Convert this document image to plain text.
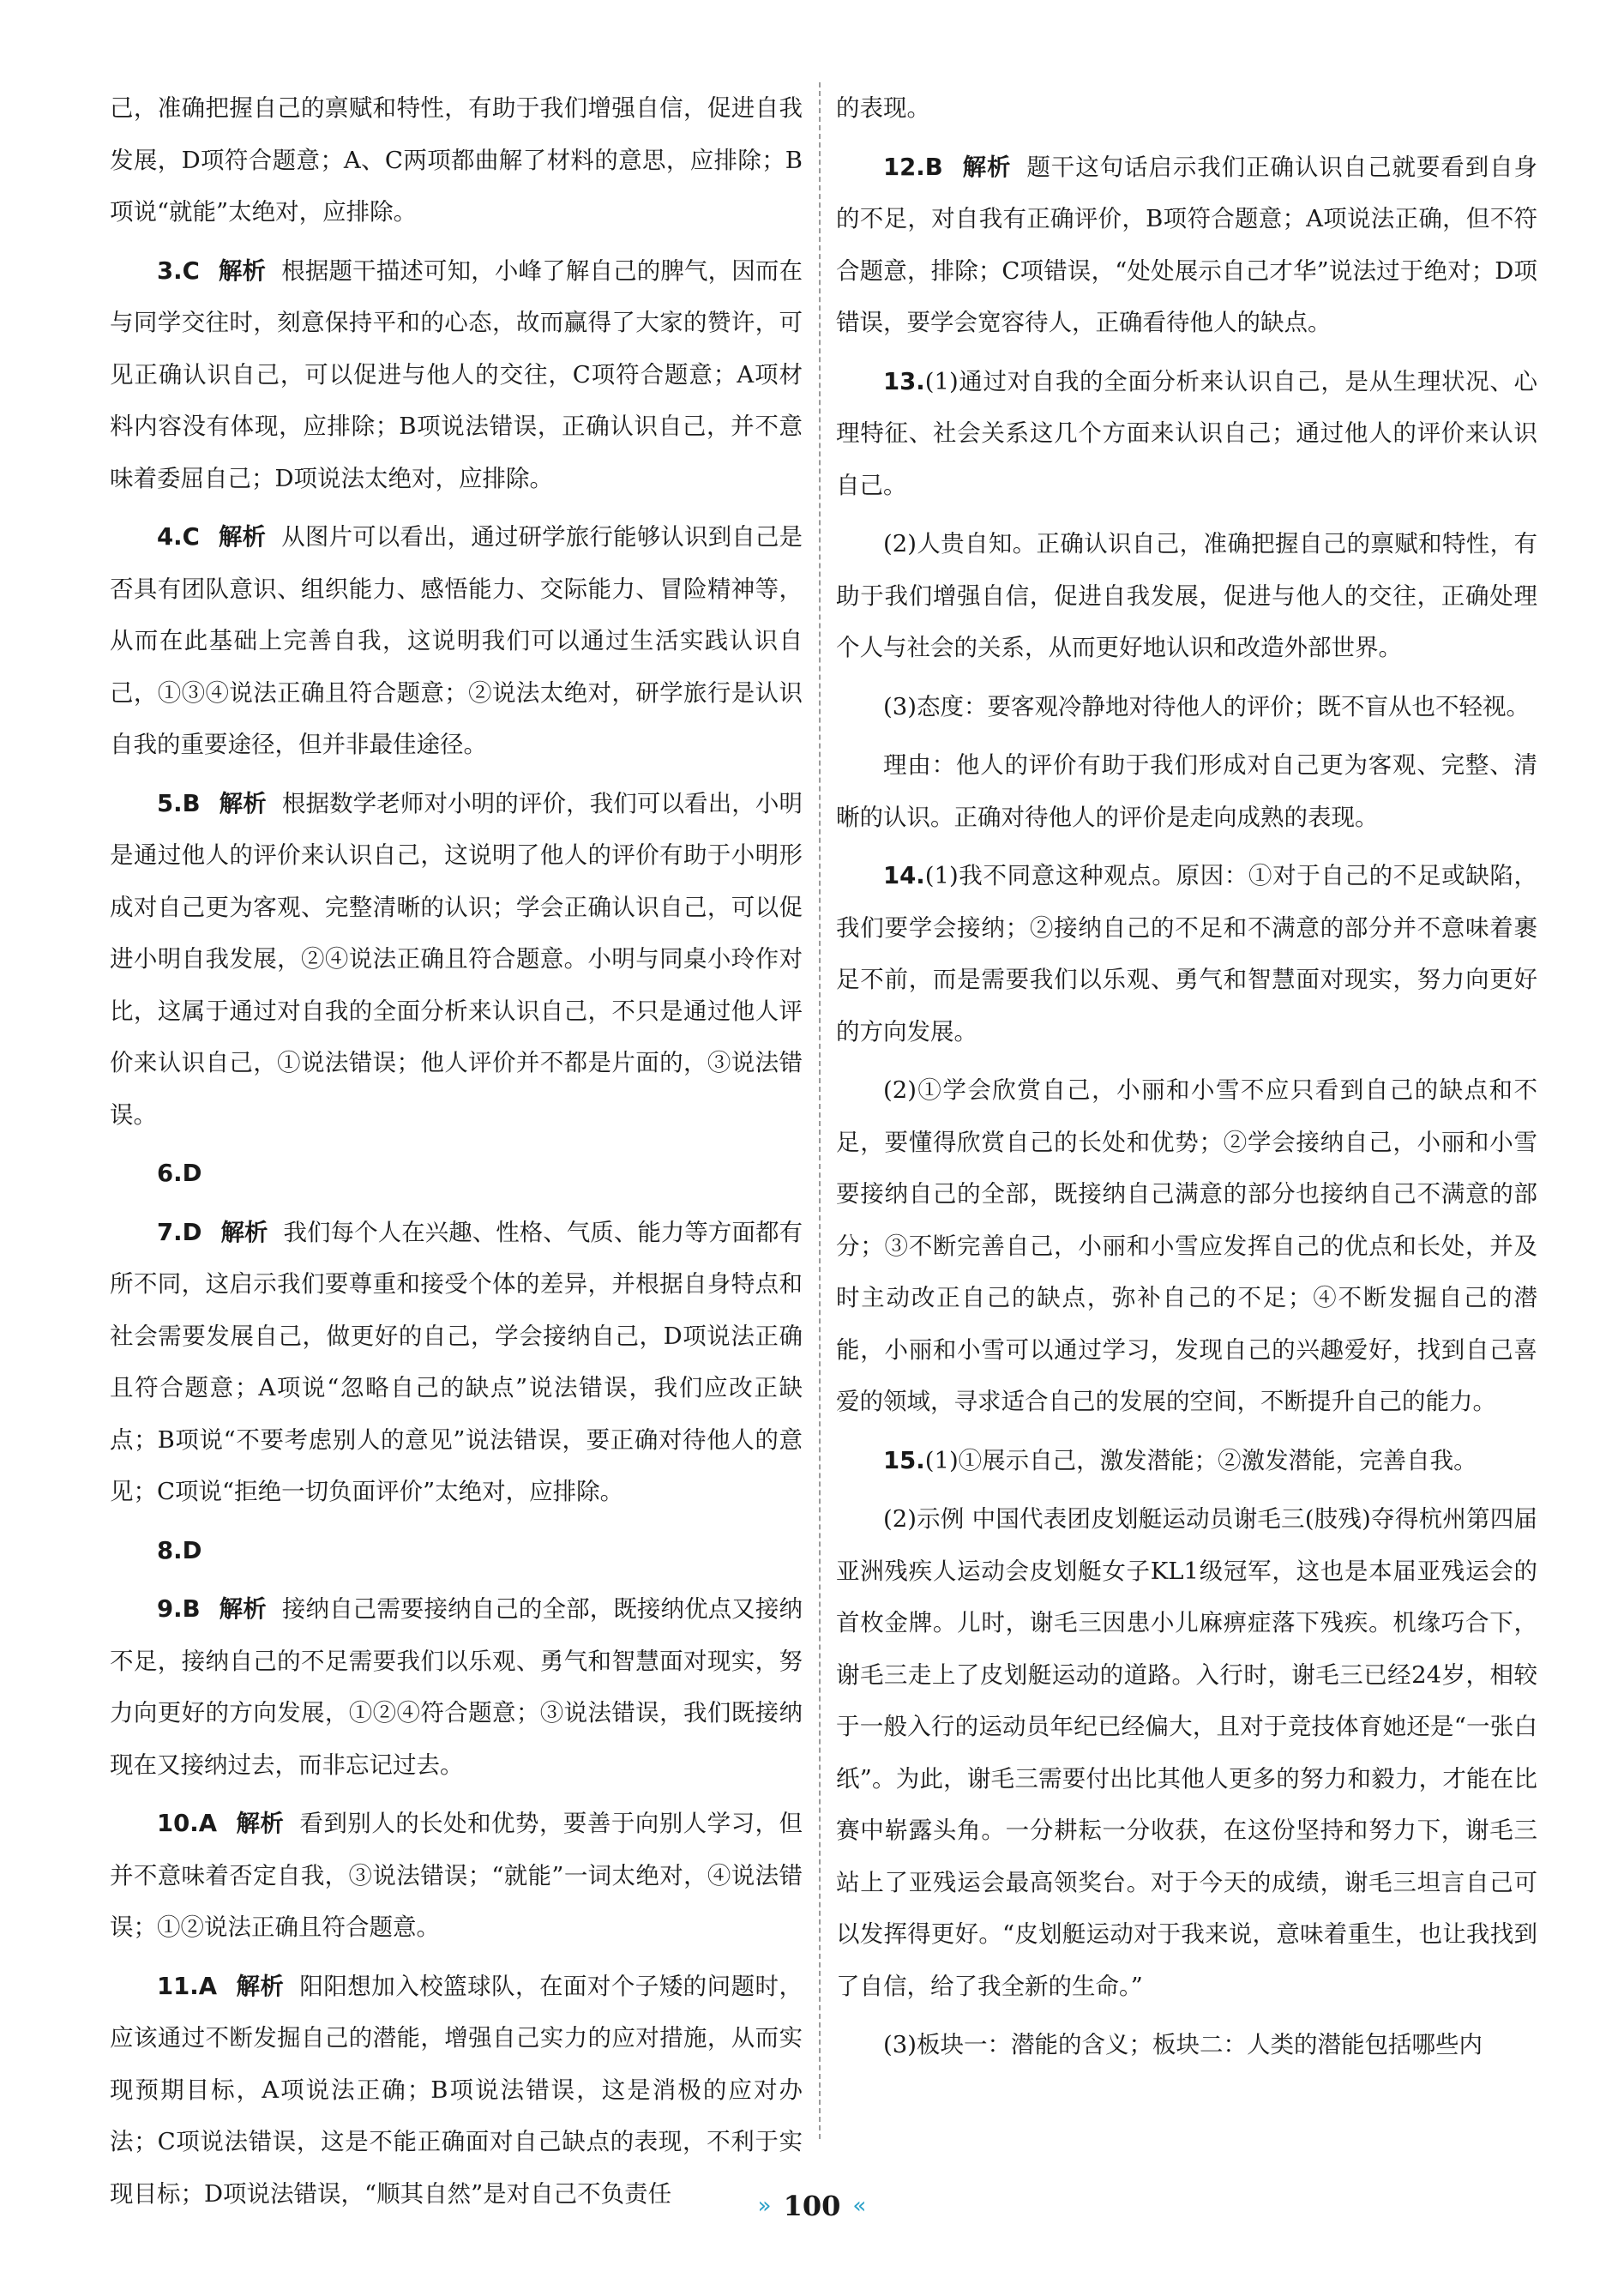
己，准确把握自己的禀赋和特性，有助于我们增强自信，促进自我发展，D项符合题意；A、C两项都曲解了材料的意思，应排除；B项说“就能”太绝对，应排除。

3.C 解析 根据题干描述可知，小峰了解自己的脾气，因而在与同学交往时，刻意保持平和的心态，故而赢得了大家的赞许，可见正确认识自己，可以促进与他人的交往，C项符合题意；A项材料内容没有体现，应排除；B项说法错误，正确认识自己，并不意味着委屈自己；D项说法太绝对，应排除。

4.C 解析 从图片可以看出，通过研学旅行能够认识到自己是否具有团队意识、组织能力、感悟能力、交际能力、冒险精神等，从而在此基础上完善自我，这说明我们可以通过生活实践认识自己，①③④说法正确且符合题意；②说法太绝对，研学旅行是认识自我的重要途径，但并非最佳途径。

5.B 解析 根据数学老师对小明的评价，我们可以看出，小明是通过他人的评价来认识自己，这说明了他人的评价有助于小明形成对自己更为客观、完整清晰的认识；学会正确认识自己，可以促进小明自我发展，②④说法正确且符合题意。小明与同桌小玲作对比，这属于通过对自我的全面分析来认识自己，不只是通过他人评价来认识自己，①说法错误；他人评价并不都是片面的，③说法错误。

6.D

7.D 解析 我们每个人在兴趣、性格、气质、能力等方面都有所不同，这启示我们要尊重和接受个体的差异，并根据自身特点和社会需要发展自己，做更好的自己，学会接纳自己，D项说法正确且符合题意；A项说“忽略自己的缺点”说法错误，我们应改正缺点；B项说“不要考虑别人的意见”说法错误，要正确对待他人的意见；C项说“拒绝一切负面评价”太绝对，应排除。

8.D

9.B 解析 接纳自己需要接纳自己的全部，既接纳优点又接纳不足，接纳自己的不足需要我们以乐观、勇气和智慧面对现实，努力向更好的方向发展，①②④符合题意；③说法错误，我们既接纳现在又接纳过去，而非忘记过去。

10.A 解析 看到别人的长处和优势，要善于向别人学习，但并不意味着否定自我，③说法错误；“就能”一词太绝对，④说法错误；①②说法正确且符合题意。

11.A 解析 阳阳想加入校篮球队，在面对个子矮的问题时，应该通过不断发掘自己的潜能，增强自己实力的应对措施，从而实现预期目标，A项说法正确；B项说法错误，这是消极的应对办法；C项说法错误，这是不能正确面对自己缺点的表现，不利于实现目标；D项说法错误，“顺其自然”是对自己不负责任

的表现。

12.B 解析 题干这句话启示我们正确认识自己就要看到自身的不足，对自我有正确评价，B项符合题意；A项说法正确，但不符合题意，排除；C项错误，“处处展示自己才华”说法过于绝对；D项错误，要学会宽容待人，正确看待他人的缺点。

13.(1)通过对自我的全面分析来认识自己，是从生理状况、心理特征、社会关系这几个方面来认识自己；通过他人的评价来认识自己。

(2)人贵自知。正确认识自己，准确把握自己的禀赋和特性，有助于我们增强自信，促进自我发展，促进与他人的交往，正确处理个人与社会的关系，从而更好地认识和改造外部世界。

(3)态度：要客观冷静地对待他人的评价；既不盲从也不轻视。

理由：他人的评价有助于我们形成对自己更为客观、完整、清晰的认识。正确对待他人的评价是走向成熟的表现。

14.(1)我不同意这种观点。原因：①对于自己的不足或缺陷，我们要学会接纳；②接纳自己的不足和不满意的部分并不意味着裹足不前，而是需要我们以乐观、勇气和智慧面对现实，努力向更好的方向发展。

(2)①学会欣赏自己，小丽和小雪不应只看到自己的缺点和不足，要懂得欣赏自己的长处和优势；②学会接纳自己，小丽和小雪要接纳自己的全部，既接纳自己满意的部分也接纳自己不满意的部分；③不断完善自己，小丽和小雪应发挥自己的优点和长处，并及时主动改正自己的缺点，弥补自己的不足；④不断发掘自己的潜能，小丽和小雪可以通过学习，发现自己的兴趣爱好，找到自己喜爱的领域，寻求适合自己的发展的空间，不断提升自己的能力。

15.(1)①展示自己，激发潜能；②激发潜能，完善自我。

(2)示例 中国代表团皮划艇运动员谢毛三(肢残)夺得杭州第四届亚洲残疾人运动会皮划艇女子KL1级冠军，这也是本届亚残运会的首枚金牌。儿时，谢毛三因患小儿麻痹症落下残疾。机缘巧合下，谢毛三走上了皮划艇运动的道路。入行时，谢毛三已经24岁，相较于一般入行的运动员年纪已经偏大，且对于竞技体育她还是“一张白纸”。为此，谢毛三需要付出比其他人更多的努力和毅力，才能在比赛中崭露头角。一分耕耘一分收获，在这份坚持和努力下，谢毛三站上了亚残运会最高领奖台。对于今天的成绩，谢毛三坦言自己可以发挥得更好。“皮划艇运动对于我来说，意味着重生，也让我找到了自信，给了我全新的生命。”

(3)板块一：潜能的含义；板块二：人类的潜能包括哪些内

» 100 «
